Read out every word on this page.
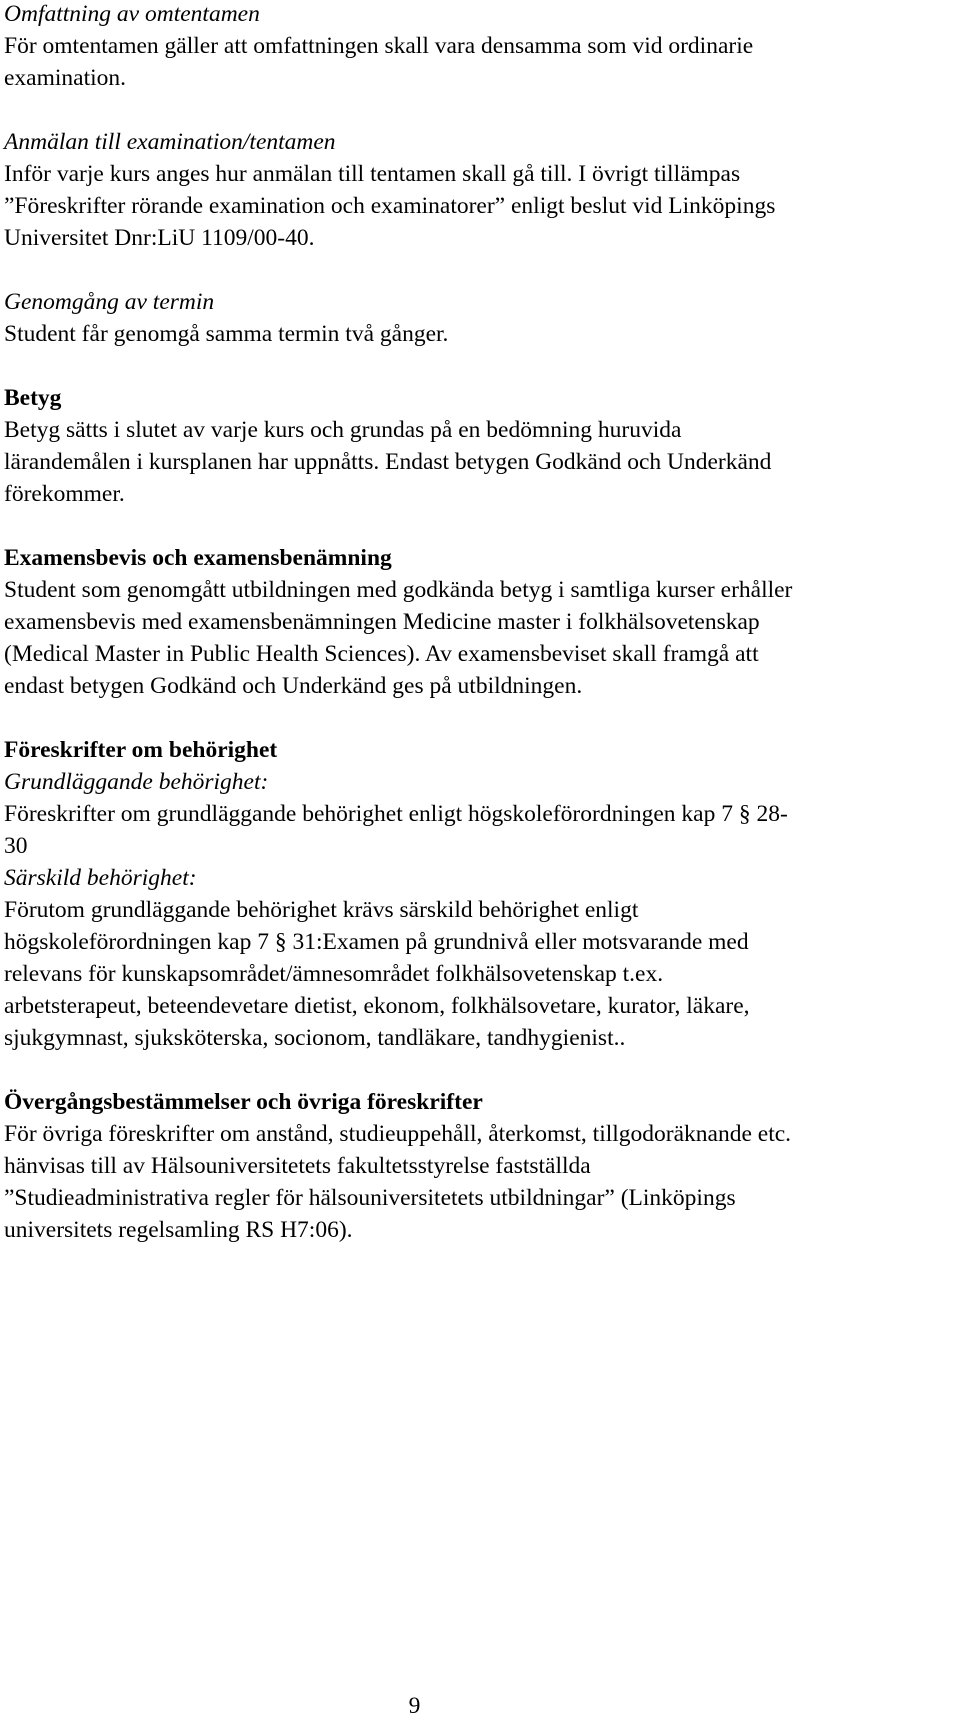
Omfattning av omtentamen
För omtentamen gäller att omfattningen skall vara densamma som vid ordinarie
examination.
Anmälan till examination/tentamen
Inför varje kurs anges hur anmälan till tentamen skall gå till. I övrigt tillämpas
”Föreskrifter rörande examination och examinatorer” enligt beslut vid Linköpings
Universitet Dnr:LiU 1109/00-40.
Genomgång av termin
Student får genomgå samma termin två gånger.
Betyg
Betyg sätts i slutet av varje kurs och grundas på en bedömning huruvida
lärandemålen i kursplanen har uppnåtts. Endast betygen Godkänd och Underkänd
förekommer.
Examensbevis och examensbenämning
Student som genomgått utbildningen med godkända betyg i samtliga kurser erhåller
examensbevis med examensbenämningen Medicine master i folkhälsovetenskap
(Medical Master in Public Health Sciences). Av examensbeviset skall framgå att
endast betygen Godkänd och Underkänd ges på utbildningen.
Föreskrifter om behörighet
Grundläggande behörighet:
Föreskrifter om grundläggande behörighet enligt högskoleförordningen kap 7 § 28-
30
Särskild behörighet:
Förutom grundläggande behörighet krävs särskild behörighet enligt
högskoleförordningen kap 7 § 31:Examen på grundnivå eller motsvarande med
relevans för kunskapsområdet/ämnesområdet folkhälsovetenskap t.ex.
arbetsterapeut, beteendevetare dietist, ekonom, folkhälsovetare, kurator, läkare,
sjukgymnast, sjuksköterska, socionom, tandläkare, tandhygienist..
Övergångsbestämmelser och övriga föreskrifter
För övriga föreskrifter om anstånd, studieuppehåll, återkomst, tillgodoräknande etc.
hänvisas till av Hälsouniversitetets fakultetsstyrelse fastställda
”Studieadministrativa regler för hälsouniversitetets utbildningar” (Linköpings
universitets regelsamling RS H7:06).
9
